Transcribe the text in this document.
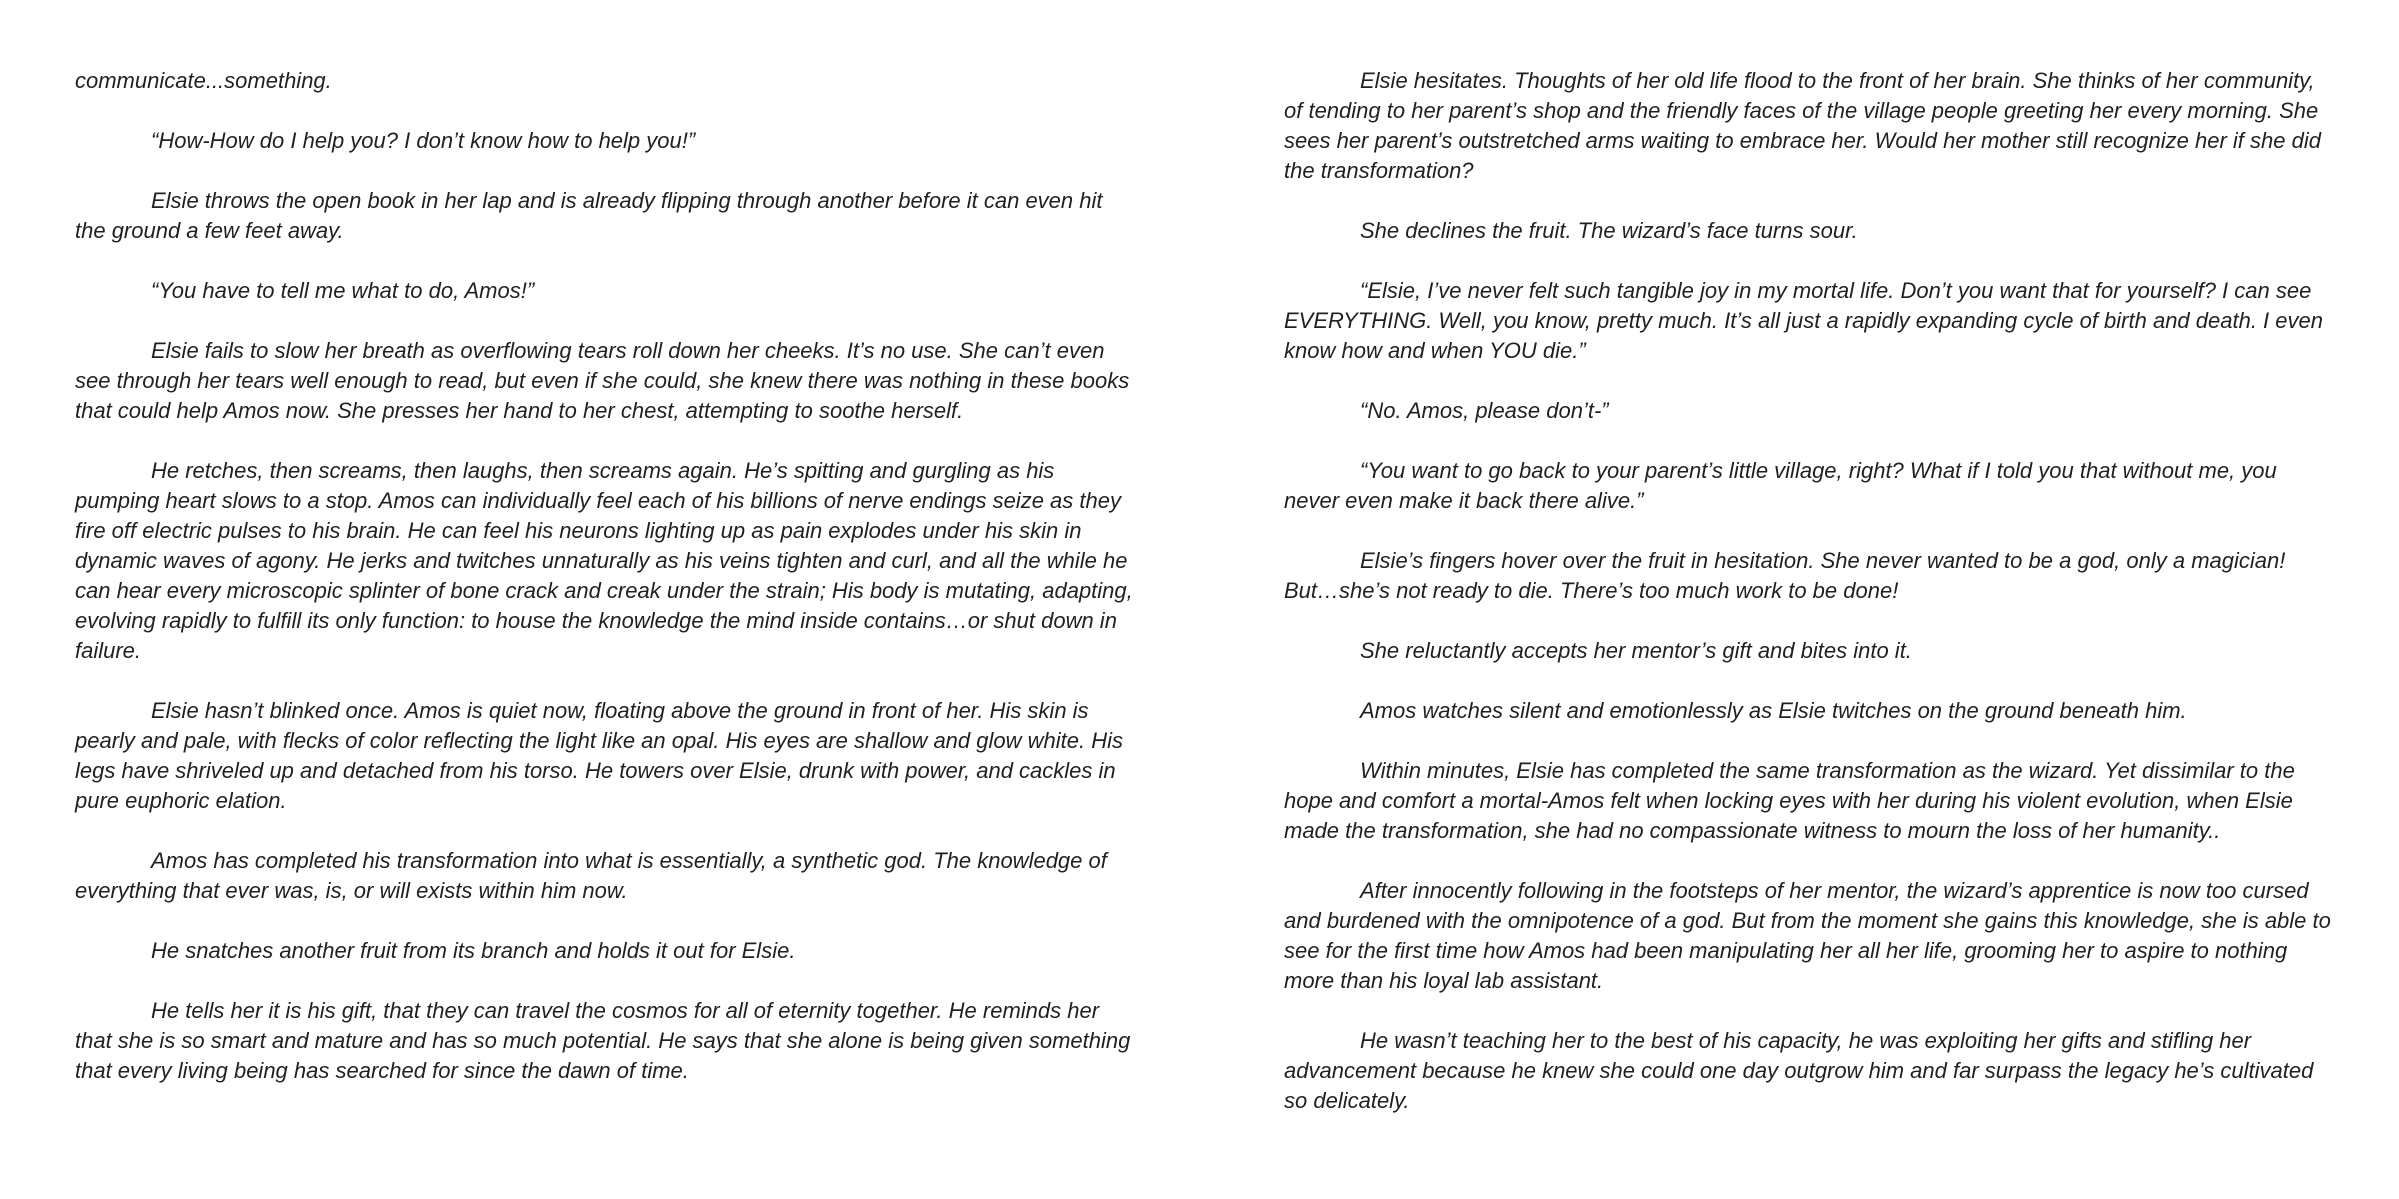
communicate...something.

“How-How do I help you? I don’t know how to help you!”

Elsie throws the open book in her lap and is already flipping through another before it can even hit the ground a few feet away.

“You have to tell me what to do, Amos!”

Elsie fails to slow her breath as overflowing tears roll down her cheeks. It’s no use. She can’t even see through her tears well enough to read, but even if she could, she knew there was nothing in these books that could help Amos now. She presses her hand to her chest, attempting to soothe herself.

He retches, then screams, then laughs, then screams again. He’s spitting and gurgling as his pumping heart slows to a stop. Amos can individually feel each of his billions of nerve endings seize as they fire off electric pulses to his brain. He can feel his neurons lighting up as pain explodes under his skin in dynamic waves of agony. He jerks and twitches unnaturally as his veins tighten and curl, and all the while he can hear every microscopic splinter of bone crack and creak under the strain; His body is mutating, adapting, evolving rapidly to fulfill its only function: to house the knowledge the mind inside contains…or shut down in failure.

Elsie hasn’t blinked once. Amos is quiet now, floating above the ground in front of her. His skin is pearly and pale, with flecks of color reflecting the light like an opal. His eyes are shallow and glow white. His legs have shriveled up and detached from his torso. He towers over Elsie, drunk with power, and cackles in pure euphoric elation.

Amos has completed his transformation into what is essentially, a synthetic god. The knowledge of everything that ever was, is, or will exists within him now.

He snatches another fruit from its branch and holds it out for Elsie.

He tells her it is his gift, that they can travel the cosmos for all of eternity together. He reminds her that she is so smart and mature and has so much potential. He says that she alone is being given something that every living being has searched for since the dawn of time.

Elsie hesitates. Thoughts of her old life flood to the front of her brain. She thinks of her community, of tending to her parent’s shop and the friendly faces of the village people greeting her every morning. She sees her parent’s outstretched arms waiting to embrace her. Would her mother still recognize her if she did the transformation?

She declines the fruit. The wizard’s face turns sour.

“Elsie, I’ve never felt such tangible joy in my mortal life. Don’t you want that for yourself? I can see EVERYTHING. Well, you know, pretty much. It’s all just a rapidly expanding cycle of birth and death. I even know how and when YOU die.”

“No. Amos, please don’t-”

“You want to go back to your parent’s little village, right? What if I told you that without me, you never even make it back there alive.”

Elsie’s fingers hover over the fruit in hesitation. She never wanted to be a god, only a magician! But…she’s not ready to die. There’s too much work to be done!

She reluctantly accepts her mentor’s gift and bites into it.

Amos watches silent and emotionlessly as Elsie twitches on the ground beneath him.

Within minutes, Elsie has completed the same transformation as the wizard. Yet dissimilar to the hope and comfort a mortal-Amos felt when locking eyes with her during his violent evolution, when Elsie made the transformation, she had no compassionate witness to mourn the loss of her humanity..

After innocently following in the footsteps of her mentor, the wizard’s apprentice is now too cursed and burdened with the omnipotence of a god. But from the moment she gains this knowledge, she is able to see for the first time how Amos had been manipulating her all her life, grooming her to aspire to nothing more than his loyal lab assistant.

He wasn’t teaching her to the best of his capacity, he was exploiting her gifts and stifling her advancement because he knew she could one day outgrow him and far surpass the legacy he’s cultivated so delicately.
